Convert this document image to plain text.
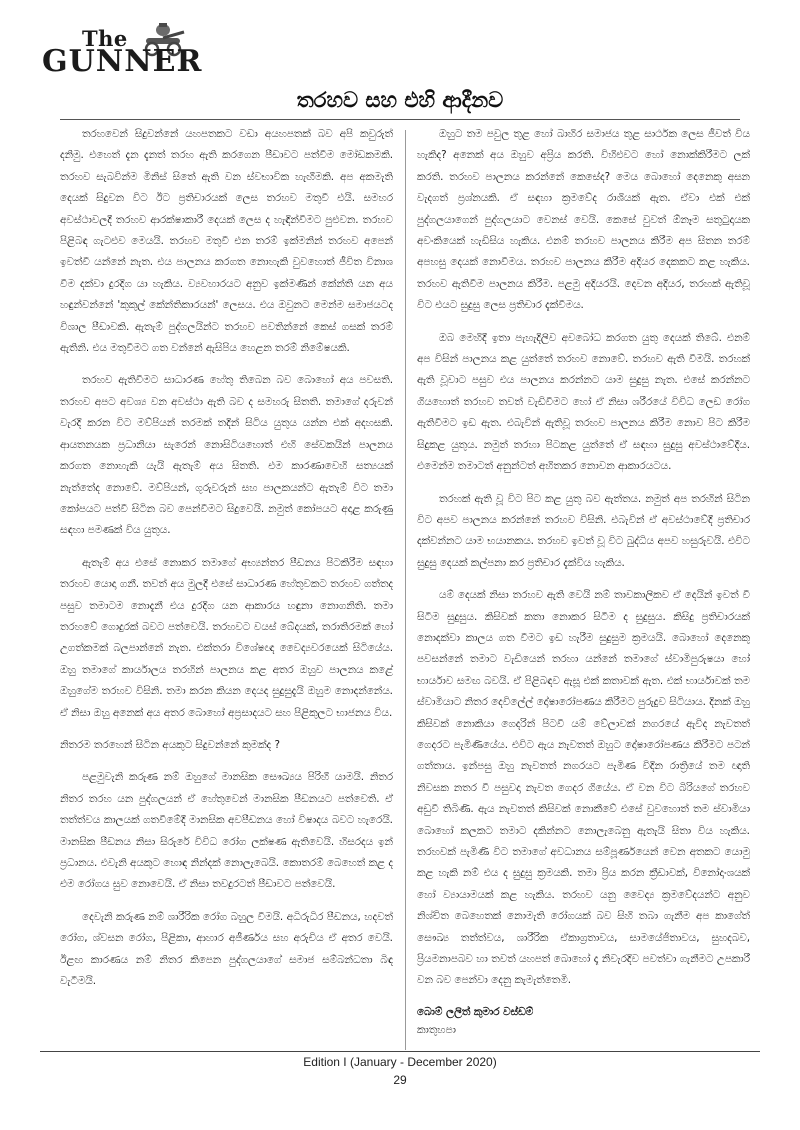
The
GUNNER
තරහව සහ එහි ආදීනව

තරහවෙන් සිදුවන්නේ යහපතකට වඩා අයහපතක් බව අපි කවුරුත් දනිමු. එහෙත් දැන දැනත් තරහ ඇති කරගෙන පීඩාවට පත්වීම මෝඩකමකි. තරහව සැබවින්ම මිනිස් සිතේ ඇති වන ස්වභාවික හැඟීමකි. අප අකමැති දෙයක් සිදුවන විට ඊට ප්‍රතිචාරයක් ලෙස තරහව මතුවී එයි. සමහර අවස්ථාවලදී තරහව ආරක්ෂාකාරී දෙයක් ලෙස ද හැඳින්වීමට පුළුවන. තරහව පිළිබඳ ගැටළුව මෙයයි. තරහව මතුවී එන තරම් ඉක්මනින් තරහව අපෙන් ඉවත්වී යන්නේ නැත. එය පාලනය කරගත නොහැකි වුවහොත් ජීවිත විනාශ වීම දක්වා දුරදිග යා හැකිය. ව්‍යවහාරයට අනුව ඉක්මණින් කේන්ති යන අය හඳුන්වන්නේ 'කුකුල් කේන්තිකාරයන්' ලෙසය. එය ඔවුනට මෙන්ම සමාජයටද විශාල පීඩාවකි. ඇතැම් පුද්ගලයින්ට තරහව පවතින්නේ කෙස් ගසක් තරම් ඇතිනි. එය මතුවීමට ගත වන්නේ ඇසිපිය හෙළන තරම් නිමේෂයකි.

තරහව ඇතිවීමට සාධාරණ හේතු තිබෙන බව බොහෝ අය පවසති. තරහව අපට අවශ්‍ය වන අවස්ථා ඇති බව ද සමහරු සිතති. තමාගේ දරුවන් වැරදි කරන විට මව්පියන් තරමක් තදින් සිටිය යුතුය යන්න එක් අදහසකි. ආයතනයක ප්‍රධානියා සැරෙන් නොසිටියහොත් එහි සේවකයින් පාලනය කරගත නොහැකි යැයි ඇතැම් අය සිතති. එම කාරණාවෙහි සත්‍යයක් නැත්තේද නොවේ. මව්පියන්, ගුරුවරුන් සහ පාලකයන්ට ඇතැම් විට තමා කෝපයට පත්වී සිටින බව පෙන්වීමට සිදුවෙයි. නමුත් කෝපයට අදාළ කරුණු සඳහා පමණක් විය යුතුය.

ඇතැම් අය එසේ නොකර තමාගේ අභ්‍යන්තර පීඩනය පිටකිරීම සඳහා තරහව යොදා ගනී. තවත් අය මුලදී එසේ සාධාරණ හේතුවකට තරහව ගත්තද පසුව තමාටම නොදැනී එය දුරදිග යන ආකාරය හඳුනා නොගනිති. තමා තරහවේ ගොදුරක් බවට පත්වෙයි. තරහවට වයස් බේදයක්, තරාතිරමක් හෝ උගත්කමක් බලපාන්නේ නැත. එක්තරා විශේෂඥ වෛද්‍යවරයෙක් සිටියේය. ඔහු තමාගේ කාර්යාලය තරහින් පාලනය කළ අතර ඔහුව පාලනය කළේ ඔහුගේම තරහව විසිනි. තමා කරන කියන දෙයද සුදුසුදැයි ඔහුම නොදන්නේය. ඒ නිසා ඔහු අනෙක් අය අතර බොහෝ අප්‍රසාදයට සහ පිළිකුලට භාජනය විය.

නිතරම තරහෙන් සිටින අයකුට සිදුවන්නේ කුමක්ද ?

පළමුවැනි කරුණ නම් ඔහුගේ මානසික සෞඛ්‍යය පිරිහී යාමයි. නිතර නිතර තරහ යන පුද්ගලයන් ඒ හේතුවෙන් මානසික පීඩනයට පත්වෙති. ඒ තත්ත්වය කාලයක් ගතවීමේදී මානසික අවපීඩනය හෝ විෂාදය බවට හැරෙයි. මානසික පීඩනය නිසා සිරුරේ විවිධ රෝග ලක්ෂණ ඇතිවෙයි. හිසරදය ඉන් ප්‍රධානය. එවැනි අයකුට හොඳ නින්දක් නොලැබෙයි. කොතරම් බෙහෙත් කළ ද එම රෝගය සුව නොවෙයි. ඒ නිසා තවදුරටත් පීඩාවට පත්වෙයි.

දෙවැනි කරුණ නම් ශාරීරික රෝග බහුල වීමයි. අධිරුධිර පීඩනය, හදවත් රෝග, ශ්වසන රෝග, පිළිකා, ආහාර අජීර්ණය සහ අරුචිය ඒ අතර වෙයි. ඊළඟ කාරණය නම් නිතර කිපෙන පුද්ගලයාගේ සමාජ සම්බන්ධතා බිඳ වැටීමයි.

ඔහුට තම පවුල තුළ හෝ බාහිර සමාජය තුළ සාර්ථක ලෙස ජීවත් විය හැකිද? අනෙක් අය ඔහුව අප්‍රිය කරති. විහිළුවට හෝ නොක්කිරීමට ලක් කරති. තරහව පාලනය කරන්නේ කෙසේද? මෙය බොහෝ දෙනෙකු අසන වැදගත් ප්‍රශ්නයකි. ඒ සඳහා ක්‍රමවේද රාශියක් ඇත. ඒවා එක් එක් පුද්ගලයාගෙන් පුද්ගලයාට වෙනස් වෙයි. කෙසේ වුවත් ඕනෑම සතුටුදායක අවංකියෙක් හැඩිසිය හැකිය. එනම් තරහව පාලනය කිරීම අප සිතන තරම් අපහසු දෙයක් නොවීමය. තරහව පාලනය කිරීම අදියර දෙකකට කළ හැකිය. තරහව ඇතිවීම පාලනය කිරීම. පළමු අදියරයි. දෙවන අදියර, තරහක් ඇතිවූ විට එයට සුදුසු ලෙස ප්‍රතිචාර දැක්වීමය.

ඔබ මෙහිදී ඉතා පැහැදිලිව අවබෝධ කරගත යුතු දෙයක් තිබේ. එනම් අප විසින් පාලනය කළ යුත්තේ තරහව නොවේ. තරහව ඇති වීමයි. තරහක් ඇති වූවාට පසුව එය පාලනය කරන්නට යාම සුදුසු නැත. එසේ කරන්නට ගියහොත් තරහව තවත් වැඩිවීමට හෝ ඒ නිසා ශරීරයේ විවිධ ලෙඩ රෝග ඇතිවීමට ඉඩ ඇත. එබැවින් ඇතිවූ තරහව පාලනය කිරීම නොව පිට කිරීම සිදුකළ යුතුය. නමුත් තරහා පිටකළ යුත්තේ ඒ සඳහා සුදුසු අවස්ථාවේදීය. එමෙන්ම තමාටත් අනුන්ටත් අහිතකර නොවන ආකාරයටය.

තරහක් ඇති වූ විට පිට කළ යුතු බව ඇත්තය. නමුත් අප තරහින් සිටින විට අපව පාලනය කරන්නේ තරහව විසිනි. එබැවින් ඒ අවස්ථාවේදී ප්‍රතිචාර දක්වන්නට යාම භයානකය. තරහව ඉවත් වූ විට බුද්ධිය අපව හසුරුවයි. එවිට සුදුසු දෙයක් කල්පනා කර ප්‍රතිචාර දැක්විය හැකිය.

යම් දෙයක් නිසා තරහව ඇති වෙයි නම් තාවකාලිකව ඒ දෙයින් ඉවත් වී සිටීම සුදුසුය. කිසිවක් කතා නොකර සිටීම ද සුදුසුය. කිසිදු ප්‍රතිචාරයක් නොදක්වා කාලය ගත වීමට ඉඩ හැරීම සුදුසුම ක්‍රමයයි. බොහෝ දෙනෙකු පවසන්නේ තමාට වැඩියෙන් තරහා යන්නේ තමාගේ ස්වාමිපුරුෂයා හෝ භාර්යාව සමඟ බවයි. ඒ පිළිබඳව ඇසූ එක් කතාවක් ඇත. එක් භාර්යාවක් තම ස්වාමියාට නිතර දෙවිලේල් දෝෂාරෝපණය කිරීමට පුරුදුව සිටියාය. දිනක් ඔහු කිසිවක් නොකියා ගෙදරින් පිටවී යම් වේලාවක් නගරයේ ඇවිද නැවතත් ගෙදරට පැමිණියේය. එවිට ඇය නැවතත් ඔහුට දෝෂාරෝපණය කිරීමට පටන් ගත්තාය. ඉන්පසු ඔහු නැවතත් නගරයට පැමිණ විදින රාත්‍රියේ තම ඥාති නිවසක නතර වී පසුවදා නැවත ගෙදර ගියේය. ඒ වන විට බිරියගේ තරහව අඩුවී තිබිණි. ඇය නැවතත් කිසිවක් නොකීවේ එසේ වුවහොත් තම ස්වාමියා බොහෝ කලකට තමාට දකින්නට නොලැබෙනු ඇතැයි සිතා විය හැකිය. තරහවක් පැමිණි විට තමාගේ අවධානය සම්පූර්ණයෙන් වෙන අතකට යොමු කළ හැකි නම් එය ද සුදුසු ක්‍රමයකි. තමා ප්‍රිය කරන ක්‍රීඩාවක්, විනෝදාංශයක් හෝ ව්‍යායාමයක් කළ හැකිය. තරහව යනු වෛද්‍ය ක්‍රමවේදයන්ට අනුව නිශ්චිත බෙහෙතක් නොමැති රෝගයක් බව සිහි තබා ගැනීම අප කාගේත් සෞඛ්‍ය තත්ත්වය, ශාරීරික ඒකාග්‍රතාවය, සාමයේජිතාවය, සුහදබව, ප්‍රියමනාපබව හා තවත් යහපත් බොහෝ දෑ නිවැරදිව පවත්වා ගැනීමට උපකාරී වන බව පෙන්වා දෙනු කැමැත්තෙමි.

බොම් ලලිත් කුමාර වස්ඩම්
කාතුහපා
Edition I (January - December 2020)
29
